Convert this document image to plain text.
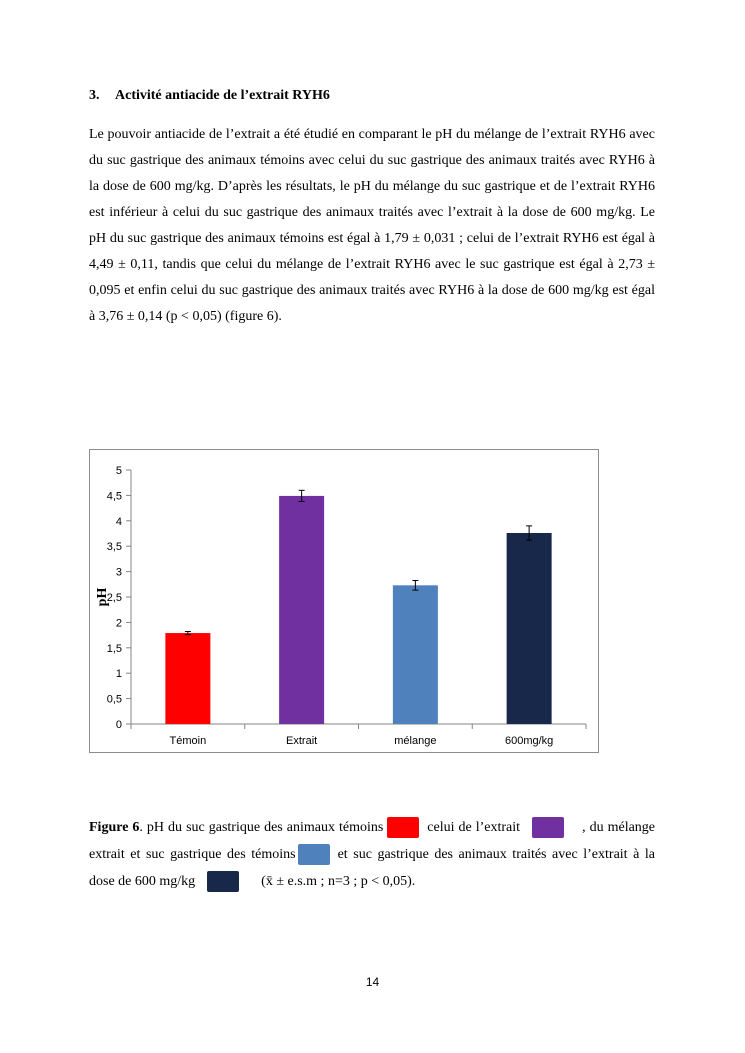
3. Activité antiacide de l’extrait RYH6
Le pouvoir antiacide de l’extrait a été étudié en comparant le pH du mélange de l’extrait RYH6 avec du suc gastrique des animaux témoins avec celui du suc gastrique des animaux traités avec RYH6 à la dose de 600 mg/kg. D’après les résultats, le pH du mélange du suc gastrique et de l’extrait RYH6 est inférieur à celui du suc gastrique des animaux traités avec l’extrait à la dose de 600 mg/kg. Le pH du suc gastrique des animaux témoins est égal à 1,79 ± 0,031 ; celui de l’extrait RYH6 est égal à 4,49 ± 0,11, tandis que celui du mélange de l’extrait RYH6 avec le suc gastrique est égal à 2,73 ± 0,095 et enfin celui du suc gastrique des animaux traités avec RYH6 à la dose de 600 mg/kg est égal à 3,76 ± 0,14 (p < 0,05) (figure 6).
0
0,5
1
1,5
2
2,5
3
3,5
4
4,5
5
pH
Témoin	Extrait	mélange	600mg/kg
Figure 6. pH du suc gastrique des animaux témoins	celui de l’extrait	, du mélange extrait et suc gastrique des témoins	et suc gastrique des animaux traités avec l’extrait à la dose de 600 mg/kg	(x̄ ± e.s.m ; n=3 ; p < 0,05).
14
